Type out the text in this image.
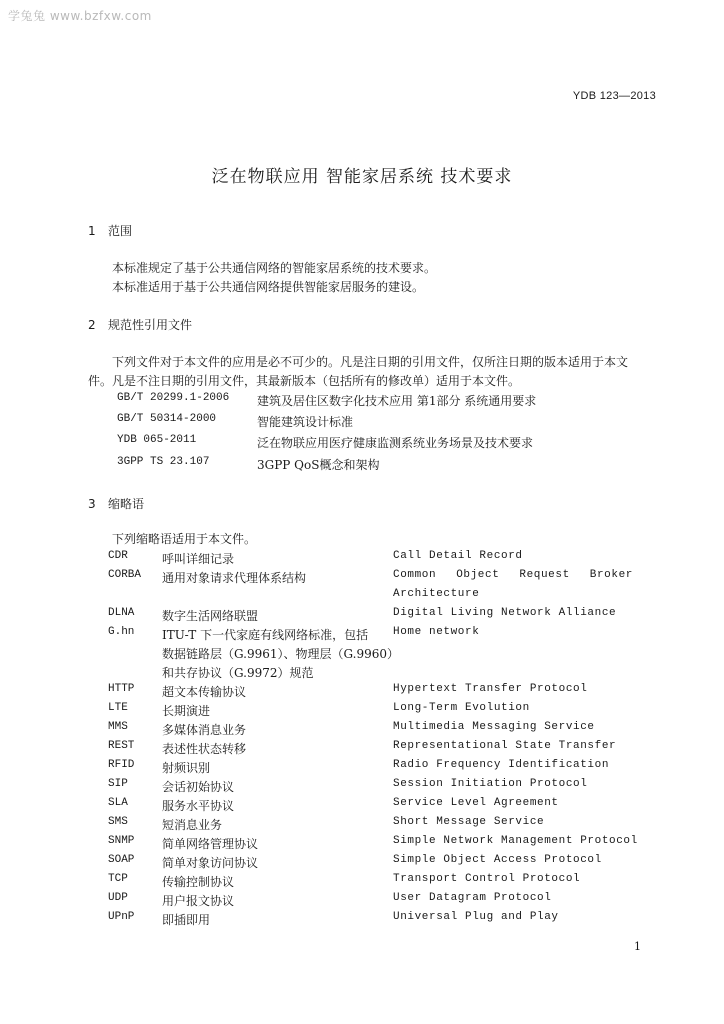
学兔兔 www.bzfxw.com
YDB 123—2013
泛在物联应用 智能家居系统 技术要求
1 范围
本标准规定了基于公共通信网络的智能家居系统的技术要求。
本标准适用于基于公共通信网络提供智能家居服务的建设。
2 规范性引用文件
下列文件对于本文件的应用是必不可少的。凡是注日期的引用文件，仅所注日期的版本适用于本文
件。凡是不注日期的引用文件，其最新版本（包括所有的修改单）适用于本文件。
GB/T 20299.1-2006 建筑及居住区数字化技术应用 第1部分 系统通用要求
GB/T 50314-2000	智能建筑设计标准
YDB 065-2011	泛在物联应用医疗健康监测系统业务场景及技术要求
3GPP TS 23.107	3GPP QoS概念和架构
3 缩略语
下列缩略语适用于本文件。
CDR	呼叫详细记录	Call Detail Record
CORBA 通用对象请求代理体系结构	Common Object Request Broker
Architecture
DLNA 数字生活网络联盟	Digital Living Network Alliance
G.hn ITU-T 下一代家庭有线网络标准，包括 Home network
数据链路层（G.9961）、物理层（G.9960）
和共存协议（G.9972）规范
HTTP 超文本传输协议	Hypertext Transfer Protocol
LTE	长期演进	Long-Term Evolution
MMS	多媒体消息业务	Multimedia Messaging Service
REST 表述性状态转移	Representational State Transfer
RFID 射频识别	Radio Frequency Identification
SIP	会话初始协议	Session Initiation Protocol
SLA	服务水平协议	Service Level Agreement
SMS	短消息业务	Short Message Service
SNMP 简单网络管理协议	Simple Network Management Protocol
SOAP 简单对象访问协议	Simple Object Access Protocol
TCP	传输控制协议	Transport Control Protocol
UDP	用户报文协议	User Datagram Protocol
UPnP 即插即用	Universal Plug and Play
1
